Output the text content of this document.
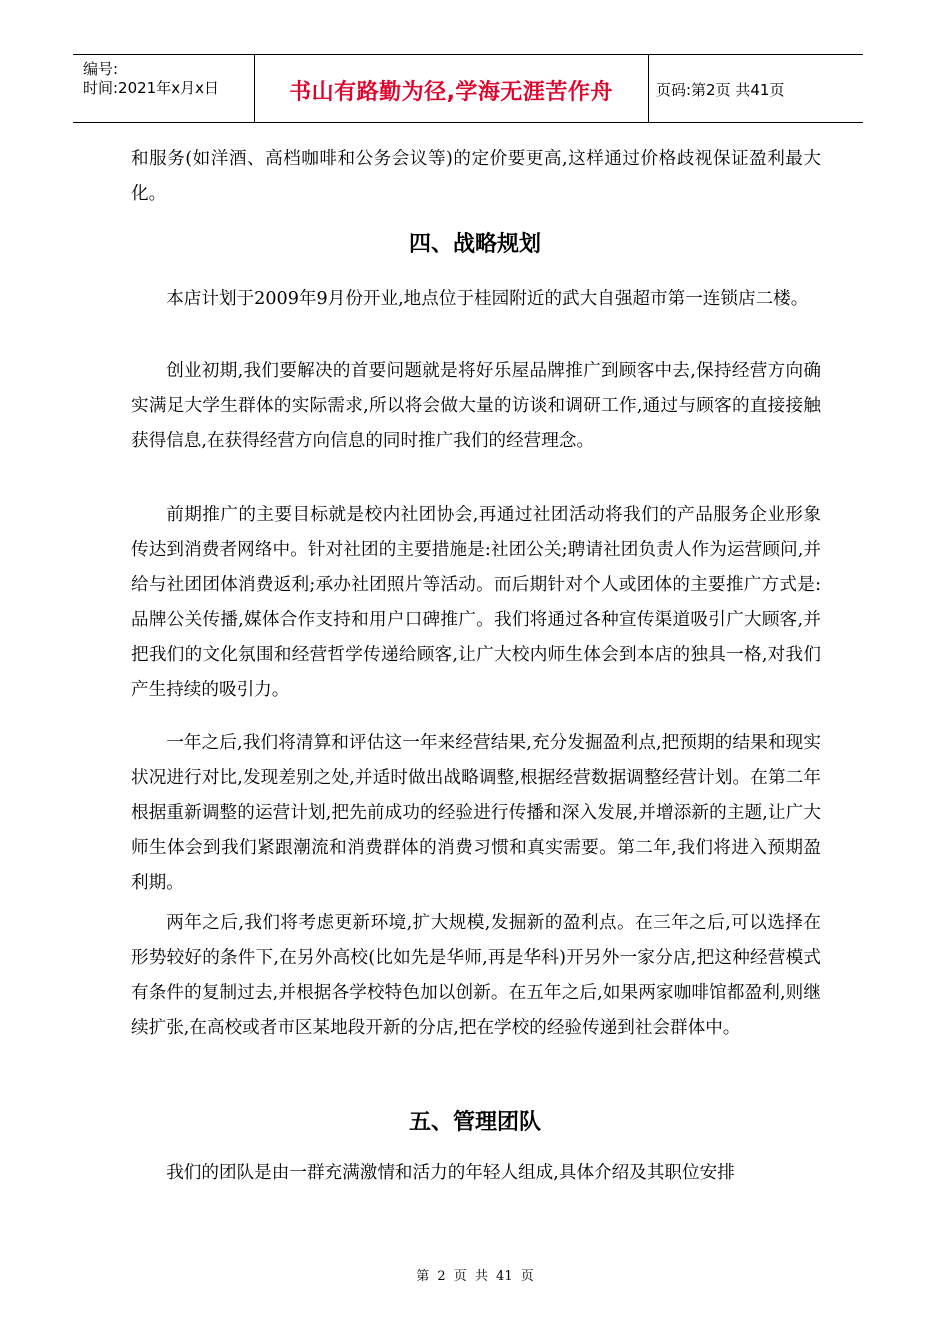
编号:
时间:2021年x月x日	书山有路勤为径,学海无涯苦作舟	页码:第2页 共41页

和服务(如洋酒、高档咖啡和公务会议等)的定价要更高,这样通过价格歧视保证盈利最大化。

四、战略规划

本店计划于2009年9月份开业,地点位于桂园附近的武大自强超市第一连锁店二楼。

创业初期,我们要解决的首要问题就是将好乐屋品牌推广到顾客中去,保持经营方向确实满足大学生群体的实际需求,所以将会做大量的访谈和调研工作,通过与顾客的直接接触获得信息,在获得经营方向信息的同时推广我们的经营理念。

前期推广的主要目标就是校内社团协会,再通过社团活动将我们的产品服务企业形象传达到消费者网络中。针对社团的主要措施是:社团公关;聘请社团负责人作为运营顾问,并给与社团团体消费返利;承办社团照片等活动。而后期针对个人或团体的主要推广方式是:品牌公关传播,媒体合作支持和用户口碑推广。我们将通过各种宣传渠道吸引广大顾客,并把我们的文化氛围和经营哲学传递给顾客,让广大校内师生体会到本店的独具一格,对我们产生持续的吸引力。

一年之后,我们将清算和评估这一年来经营结果,充分发掘盈利点,把预期的结果和现实状况进行对比,发现差别之处,并适时做出战略调整,根据经营数据调整经营计划。在第二年根据重新调整的运营计划,把先前成功的经验进行传播和深入发展,并增添新的主题,让广大师生体会到我们紧跟潮流和消费群体的消费习惯和真实需要。第二年,我们将进入预期盈利期。

两年之后,我们将考虑更新环境,扩大规模,发掘新的盈利点。在三年之后,可以选择在形势较好的条件下,在另外高校(比如先是华师,再是华科)开另外一家分店,把这种经营模式有条件的复制过去,并根据各学校特色加以创新。在五年之后,如果两家咖啡馆都盈利,则继续扩张,在高校或者市区某地段开新的分店,把在学校的经验传递到社会群体中。

五、管理团队

我们的团队是由一群充满激情和活力的年轻人组成,具体介绍及其职位安排

第 2 页 共 41 页
